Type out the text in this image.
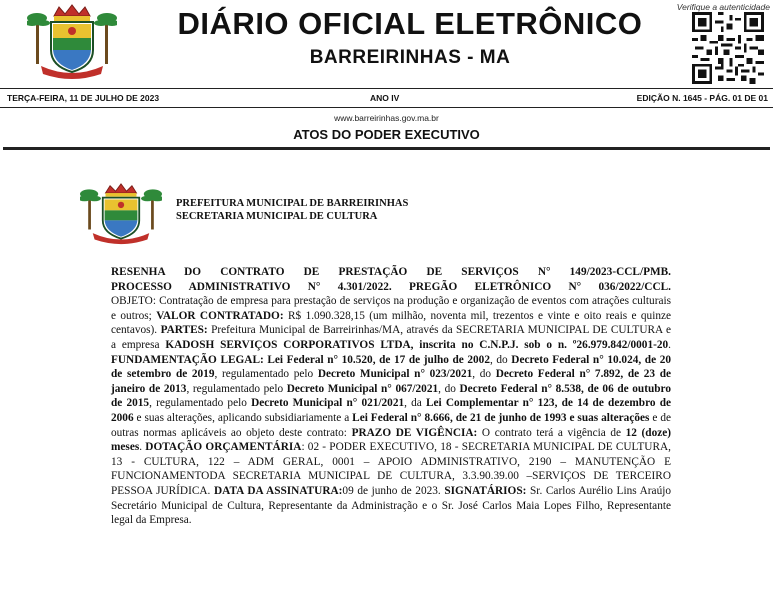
DIÁRIO OFICIAL ELETRÔNICO
BARREIRINHAS - MA
Verifique a autenticidade
TERÇA-FEIRA, 11 DE JULHO DE 2023	ANO IV	EDIÇÃO N. 1645 - PÁG. 01 DE 01
www.barreirinhas.gov.ma.br
ATOS DO PODER EXECUTIVO
PREFEITURA MUNICIPAL DE BARREIRINHAS
SECRETARIA MUNICIPAL DE CULTURA
RESENHA DO CONTRATO DE PRESTAÇÃO DE SERVIÇOS N° 149/2023-CCL/PMB.
PROCESSO ADMINISTRATIVO N° 4.301/2022. PREGÃO ELETRÔNICO N° 036/2022/CCL.
OBJETO: Contratação de empresa para prestação de serviços na produção e organização de eventos com atrações culturais e outros; VALOR CONTRATADO: R$ 1.090.328,15 (um milhão, noventa mil, trezentos e vinte e oito reais e quinze centavos). PARTES: Prefeitura Municipal de Barreirinhas/MA, através da SECRETARIA MUNICIPAL DE CULTURA e a empresa KADOSH SERVIÇOS CORPORATIVOS LTDA, inscrita no C.N.P.J. sob o n. º26.979.842/0001-20. FUNDAMENTAÇÃO LEGAL: Lei Federal n° 10.520, de 17 de julho de 2002, do Decreto Federal n° 10.024, de 20 de setembro de 2019, regulamentado pelo Decreto Municipal n° 023/2021, do Decreto Federal n° 7.892, de 23 de janeiro de 2013, regulamentado pelo Decreto Municipal n° 067/2021, do Decreto Federal n° 8.538, de 06 de outubro de 2015, regulamentado pelo Decreto Municipal n° 021/2021, da Lei Complementar n° 123, de 14 de dezembro de 2006 e suas alterações, aplicando subsidiariamente a Lei Federal n° 8.666, de 21 de junho de 1993 e suas alterações e de outras normas aplicáveis ao objeto deste contrato: PRAZO DE VIGÊNCIA: O contrato terá a vigência de 12 (doze) meses. DOTAÇÃO ORÇAMENTÁRIA: 02 - PODER EXECUTIVO, 18 - SECRETARIA MUNICIPAL DE CULTURA, 13 - CULTURA, 122 – ADM GERAL, 0001 – APOIO ADMINISTRATIVO, 2190 – MANUTENÇÃO E FUNCIONAMENTODA SECRETARIA MUNICIPAL DE CULTURA, 3.3.90.39.00 –SERVIÇOS DE TERCEIRO PESSOA JURÍDICA. DATA DA ASSINATURA:09 de junho de 2023. SIGNATÁRIOS: Sr. Carlos Aurélio Lins Araújo Secretário Municipal de Cultura, Representante da Administração e o Sr. José Carlos Maia Lopes Filho, Representante legal da Empresa.
